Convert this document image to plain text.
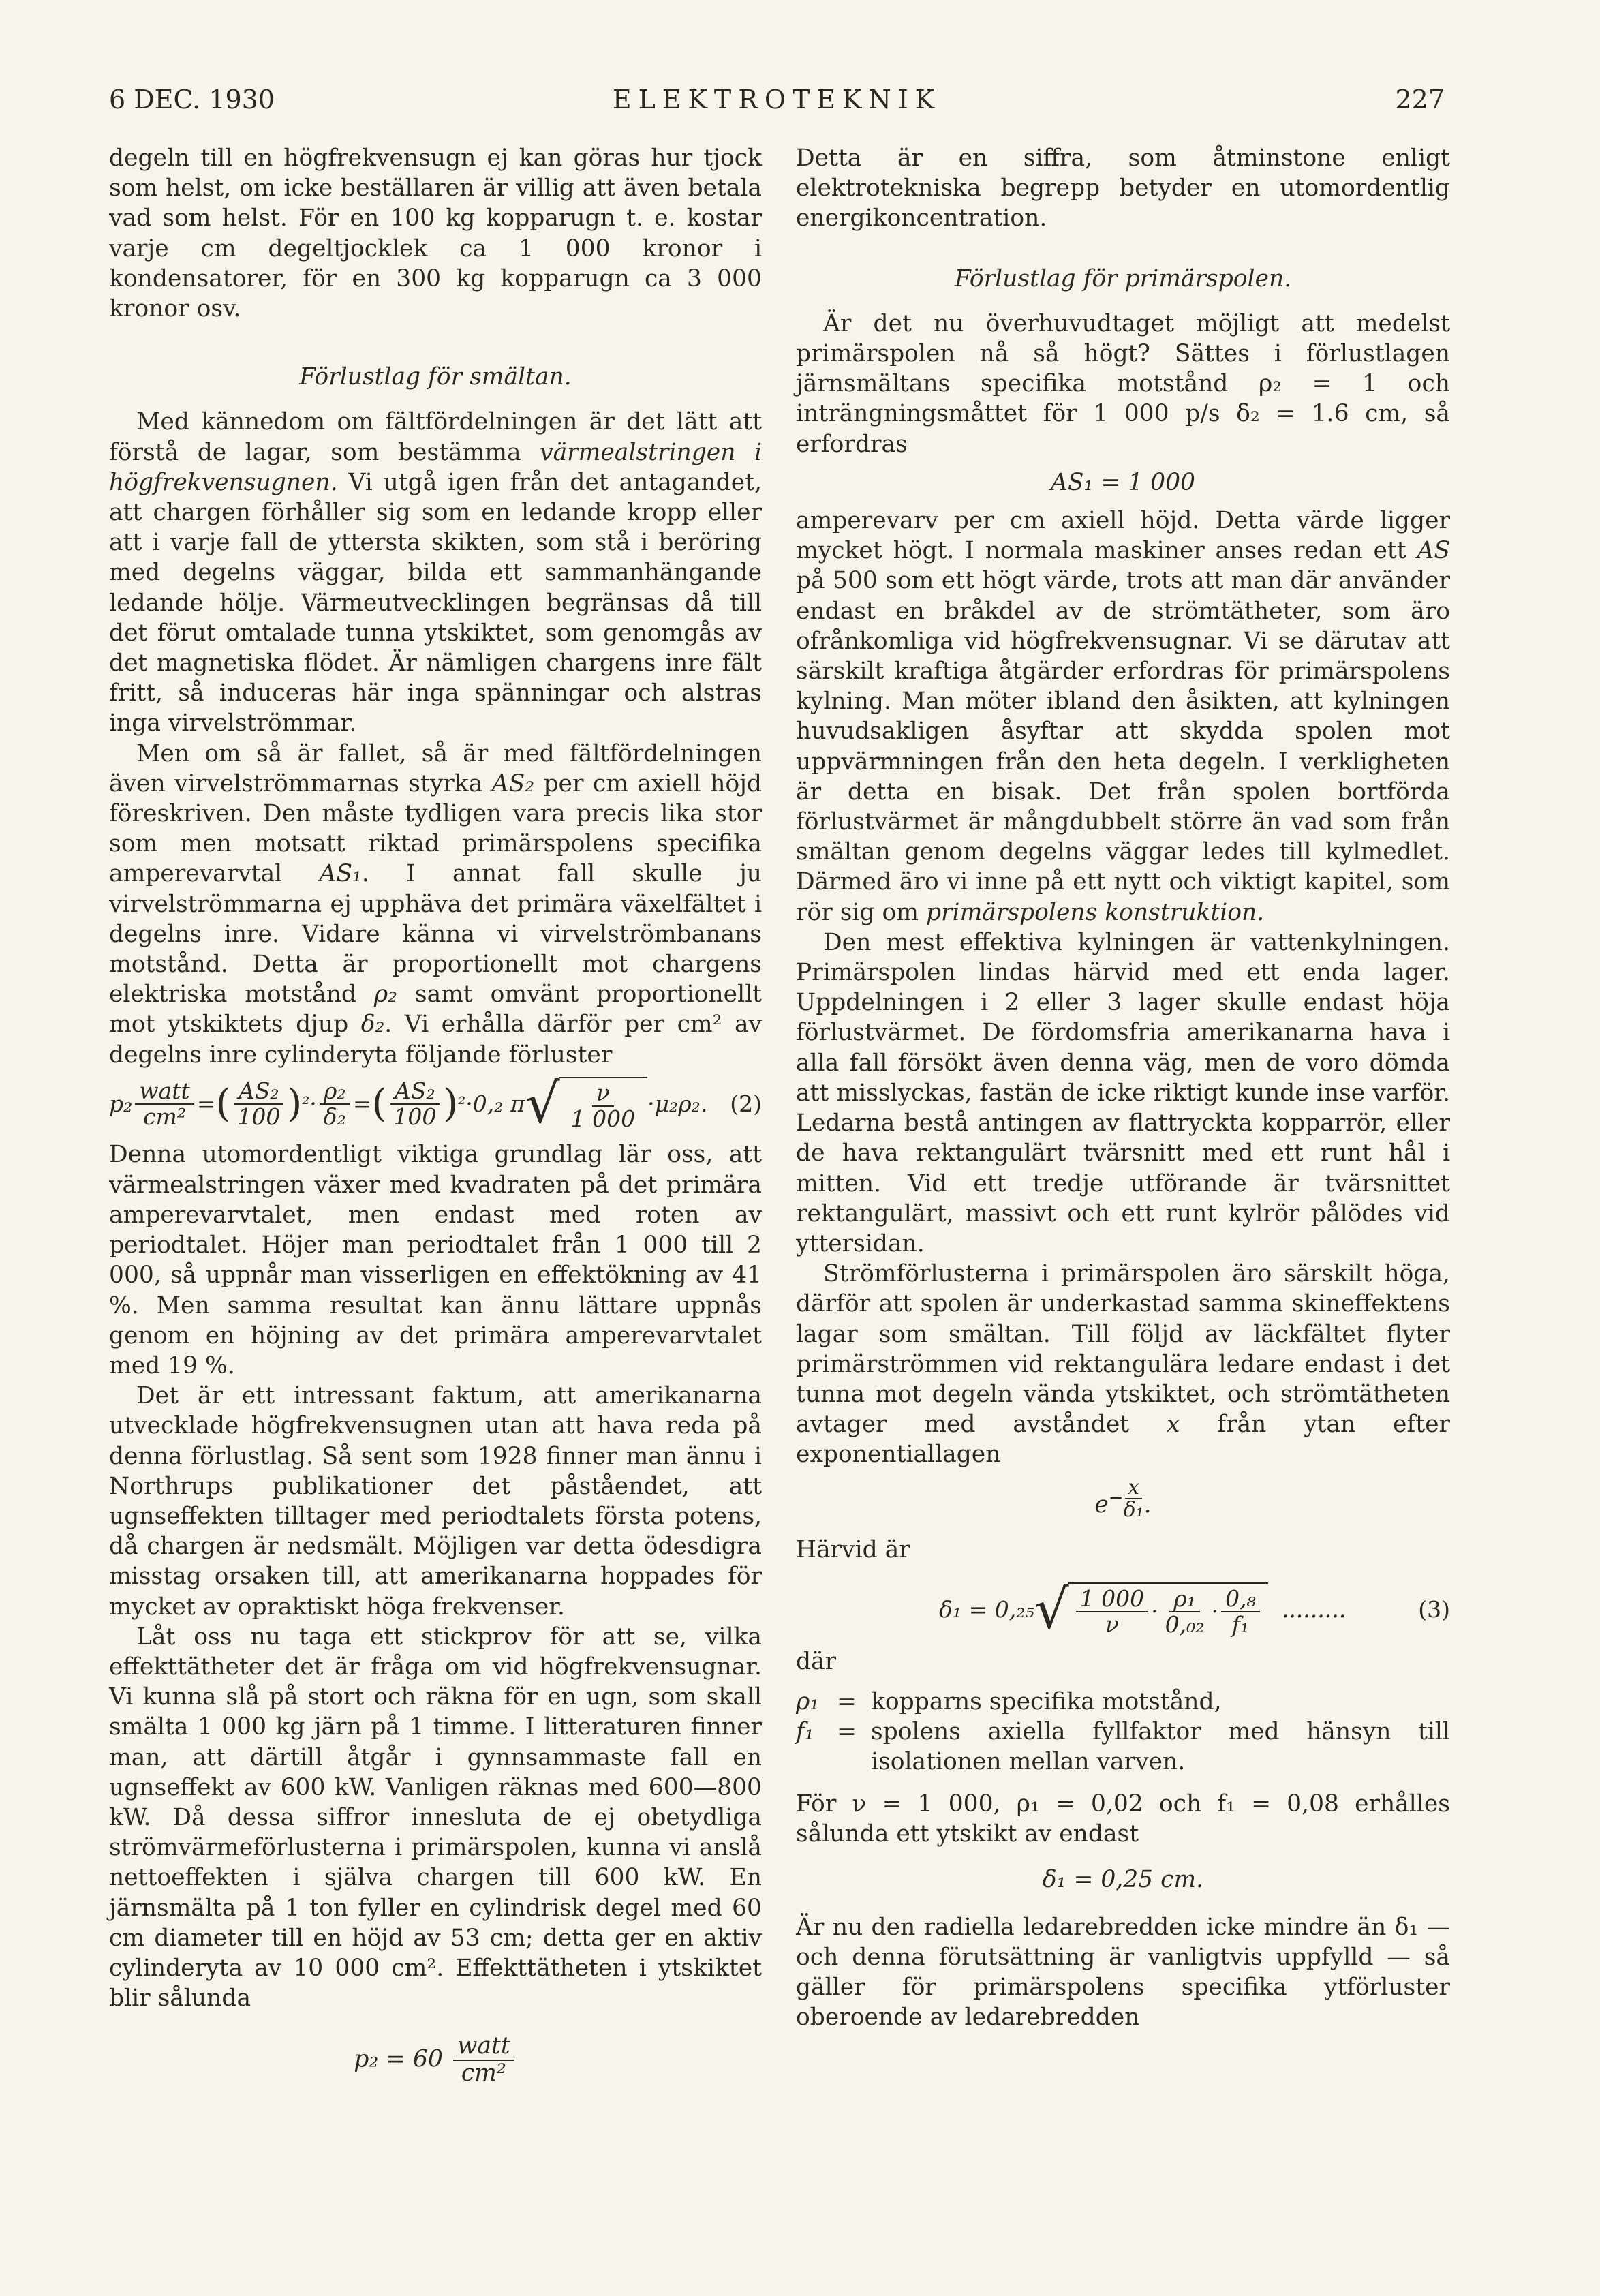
6 DEC. 1930	ELEKTROTEKNIK	227

degeln till en högfrekvensugn ej kan göras hur tjock som helst, om icke beställaren är villig att även betala vad som helst. För en 100 kg kopparugn t. e. kostar varje cm degeltjocklek ca 1 000 kronor i kondensatorer, för en 300 kg kopparugn ca 3 000 kronor osv.

Förlustlag för smältan.

Med kännedom om fältfördelningen är det lätt att förstå de lagar, som bestämma värmealstringen i högfrekvensugnen. Vi utgå igen från det antagandet, att chargen förhåller sig som en ledande kropp eller att i varje fall de yttersta skikten, som stå i beröring med degelns väggar, bilda ett sammanhängande ledande hölje. Värmeutvecklingen begränsas då till det förut omtalade tunna ytskiktet, som genomgås av det magnetiska flödet. Är nämligen chargens inre fält fritt, så induceras här inga spänningar och alstras inga virvelströmmar.

Men om så är fallet, så är med fältfördelningen även virvelströmmarnas styrka AS₂ per cm axiell höjd föreskriven. Den måste tydligen vara precis lika stor som men motsatt riktad primärspolens specifika amperevarvtal AS₁. I annat fall skulle ju virvelströmmarna ej upphäva det primära växelfältet i degelns inre. Vidare känna vi virvelströmbanans motstånd. Detta är proportionellt mot chargens elektriska motstånd ρ₂ samt omvänt proportionellt mot ytskiktets djup δ₂. Vi erhålla därför per cm² av degelns inre cylinderyta följande förluster

$p_2 \frac{\text{watt}}{\text{cm²}}$ = ( $\frac{\text{AS₂}}{100}$ ) $^2 \cdot \frac{\text{ρ₂}}{\text{δ₂}}$ = ( $\frac{\text{AS₂}}{100}$ ) ² · 0,₂ π √ $\frac{\nu}{1 000} \cdot\mu_2\rho_2$. (2)

Denna utomordentligt viktiga grundlag lär oss, att värmealstringen växer med kvadraten på det primära amperevarvtalet, men endast med roten av periodtalet. Höjer man periodtalet från 1 000 till 2 000, så uppnår man visserligen en effektökning av 41 %. Men samma resultat kan ännu lättare uppnås genom en höjning av det primära amperevarvtalet med 19 %.

Det är ett intressant faktum, att amerikanarna utvecklade högfrekvensugnen utan att hava reda på denna förlustlag. Så sent som 1928 finner man ännu i Northrups publikationer det påståendet, att ugnseffekten tilltager med periodtalets första potens, då chargen är nedsmält. Möjligen var detta ödesdigra misstag orsaken till, att amerikanarna hoppades för mycket av opraktiskt höga frekvenser.

Låt oss nu taga ett stickprov för att se, vilka effekttätheter det är fråga om vid högfrekvensugnar. Vi kunna slå på stort och räkna för en ugn, som skall smälta 1 000 kg järn på 1 timme. I litteraturen finner man, att därtill åtgår i gynnsammaste fall en ugnseffekt av 600 kW. Vanligen räknas med 600—800 kW. Då dessa siffror innesluta de ej obetydliga strömvärmeförlusterna i primärspolen, kunna vi anslå nettoeffekten i själva chargen till 600 kW. En järnsmälta på 1 ton fyller en cylindrisk degel med 60 cm diameter till en höjd av 53 cm; detta ger en aktiv cylinderyta av 10 000 cm². Effekttätheten i ytskiktet blir sålunda

$p_2 = 60 \frac{\text{watt}}{\text{cm²}}$

Detta är en siffra, som åtminstone enligt elektrotekniska begrepp betyder en utomordentlig energikoncentration.

Förlustlag för primärspolen.

Är det nu överhuvudtaget möjligt att medelst primärspolen nå så högt? Sättes i förlustlagen järnsmältans specifika motstånd ρ₂ = 1 och inträngningsmåttet för 1 000 p/s δ₂ = 1.6 cm, så erfordras

AS₁ = 1 000

amperevarv per cm axiell höjd. Detta värde ligger mycket högt. I normala maskiner anses redan ett AS på 500 som ett högt värde, trots att man där använder endast en bråkdel av de strömtätheter, som äro ofrånkomliga vid högfrekvensugnar. Vi se därutav att särskilt kraftiga åtgärder erfordras för primärspolens kylning. Man möter ibland den åsikten, att kylningen huvudsakligen åsyftar att skydda spolen mot uppvärmningen från den heta degeln. I verkligheten är detta en bisak. Det från spolen bortförda förlustvärmet är mångdubbelt större än vad som från smältan genom degelns väggar ledes till kylmedlet. Därmed äro vi inne på ett nytt och viktigt kapitel, som rör sig om primärspolens konstruktion.

Den mest effektiva kylningen är vattenkylningen. Primärspolen lindas härvid med ett enda lager. Uppdelningen i 2 eller 3 lager skulle endast höja förlustvärmet. De fördomsfria amerikanarna hava i alla fall försökt även denna väg, men de voro dömda att misslyckas, fastän de icke riktigt kunde inse varför. Ledarna bestå antingen av flattryckta kopparrör, eller de hava rektangulärt tvärsnitt med ett runt hål i mitten. Vid ett tredje utförande är tvärsnittet rektangulärt, massivt och ett runt kylrör pålödes vid yttersidan.

Strömförlusterna i primärspolen äro särskilt höga, därför att spolen är underkastad samma skineffektens lagar som smältan. Till följd av läckfältet flyter primärströmmen vid rektangulära ledare endast i det tunna mot degeln vända ytskiktet, och strömtätheten avtager med avståndet x från ytan efter exponentiallagen

$e^{- \frac{x}{\text{δ₁}}}$ .

Härvid är

δ₁ = 0,₂₅ √ $\frac{1 000}{\nu} \cdot \frac{\text{ρ₁}}{\text{0,₀₂}} \cdot \frac{\text{0,₈}}{\text{f₁}}$ .........	(3)

där

ρ₁ = kopparns specifika motstånd,
f₁ = spolens axiella fyllfaktor med hänsyn till isolationen mellan varven.

För ν = 1 000, ρ₁ = 0,02 och f₁ = 0,08 erhålles sålunda ett ytskikt av endast

δ₁ = 0,25 cm.

Är nu den radiella ledarebredden icke mindre än δ₁ — och denna förutsättning är vanligtvis uppfylld — så gäller för primärspolens specifika ytförluster oberoende av ledarebredden
